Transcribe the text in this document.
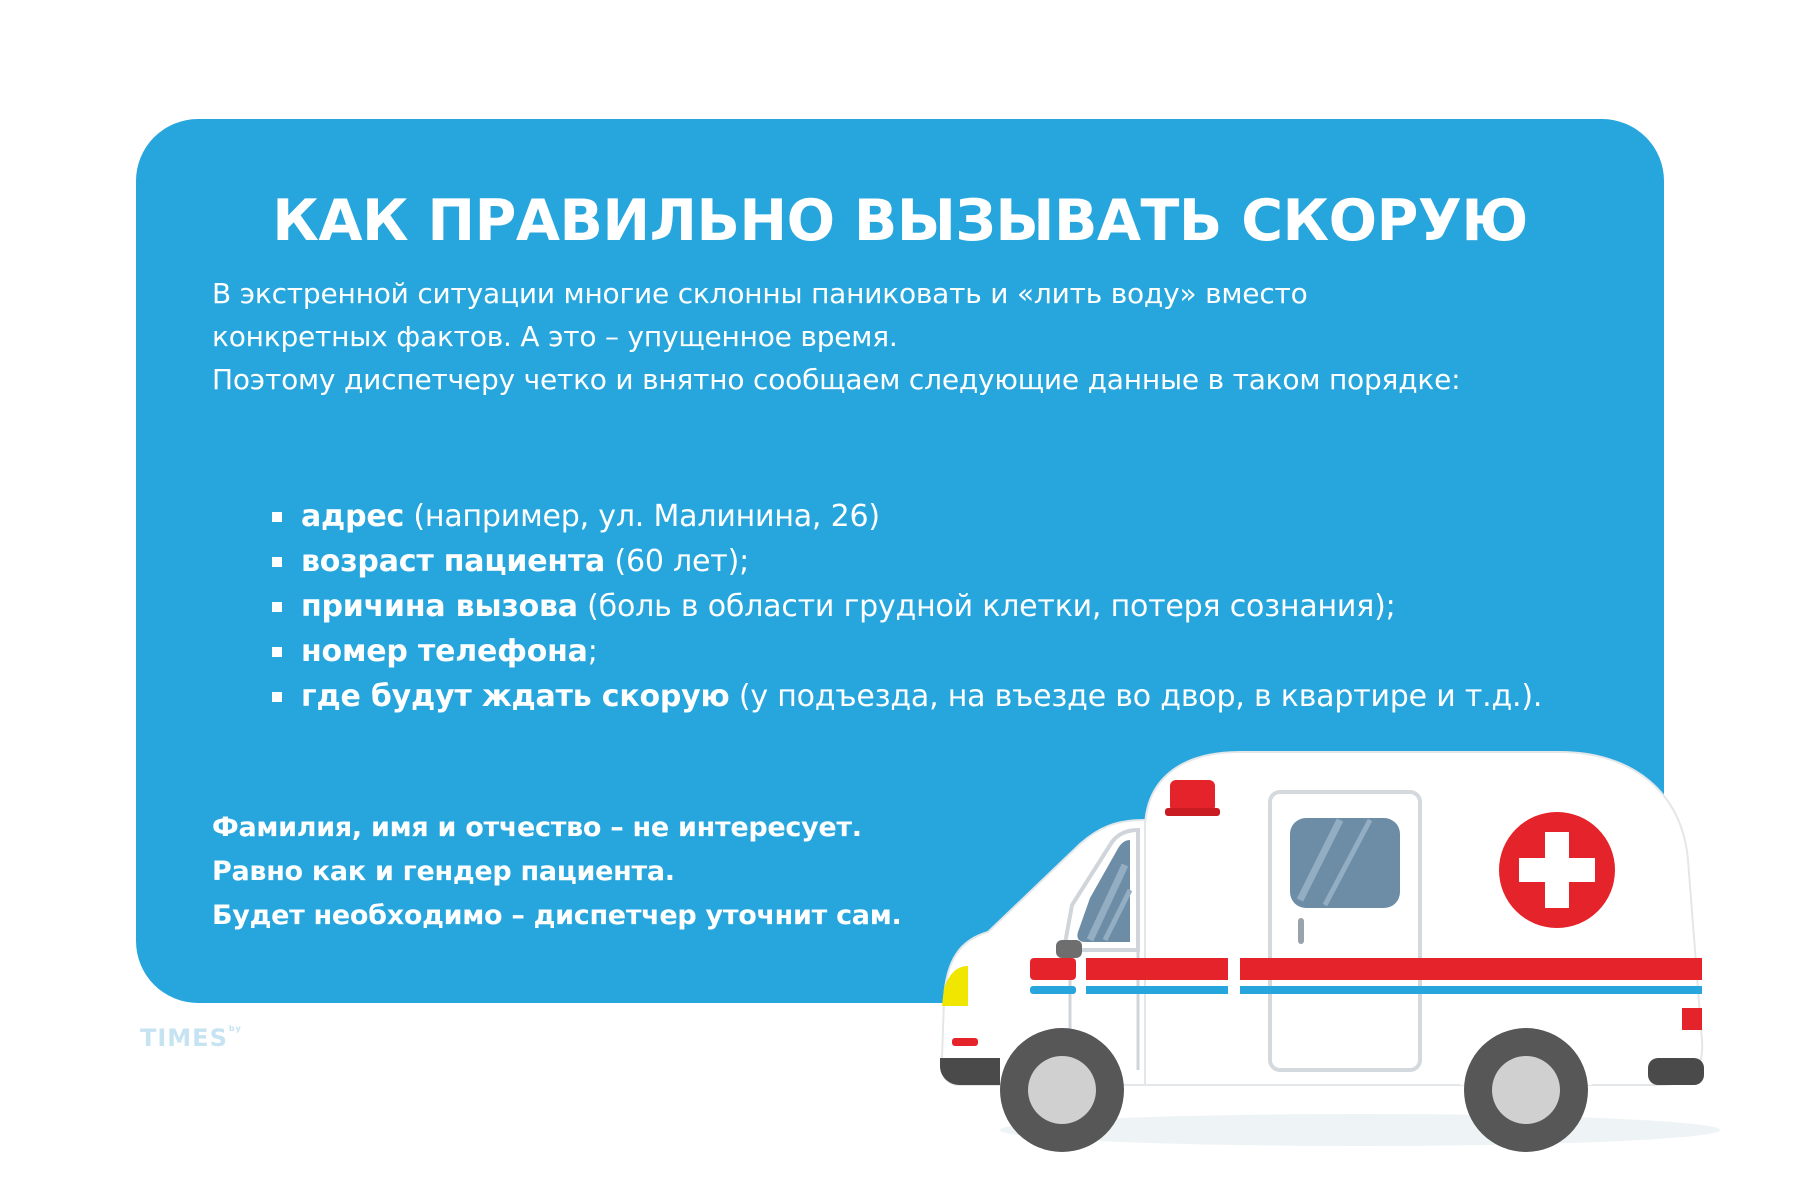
КАК ПРАВИЛЬНО ВЫЗЫВАТЬ СКОРУЮ

В экстренной ситуации многие склонны паниковать и «лить воду» вместо

конкретных фактов. А это – упущенное время.

Поэтому диспетчеру четко и внятно сообщаем следующие данные в таком порядке:

адрес (например, ул. Малинина, 26)
возраст пациента (60 лет);
причина вызова (боль в области грудной клетки, потеря сознания);
номер телефона;
где будут ждать скорую (у подъезда, на въезде во двор, в квартире и т.д.).

Фамилия, имя и отчество – не интересует.

Равно как и гендер пациента.

Будет необходимо – диспетчер уточнит сам.

$TIMES^{by}$
